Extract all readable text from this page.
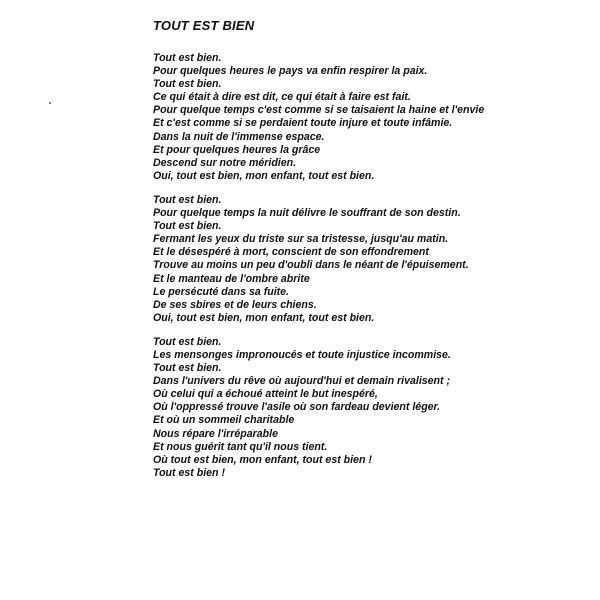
TOUT EST BIEN
Tout est bien.
Pour quelques heures le pays va enfin respirer la paix.
Tout est bien.
Ce qui était à dire est dit, ce qui était à faire est fait.
Pour quelque temps c'est comme si se taisaient la haine et l'envie
Et c'est comme si se perdaient toute injure et toute infâmie.
Dans la nuit de l'immense espace.
Et pour quelques heures la grâce
Descend sur notre méridien.
Oui, tout est bien, mon enfant, tout est bien.
Tout est bien.
Pour quelque temps la nuit délivre le souffrant de son destin.
Tout est bien.
Fermant les yeux du triste sur sa tristesse, jusqu'au matin.
Et le désespéré à mort, conscient de son effondrement
Trouve au moins un peu d'oubli dans le néant de l'épuisement.
Et le manteau de l'ombre abrite
Le persécuté dans sa fuite.
De ses sbires et de leurs chiens.
Oui, tout est bien, mon enfant, tout est bien.
Tout est bien.
Les mensonges impronoucés et toute injustice incommise.
Tout est bien.
Dans l'univers du rêve où aujourd'hui et demain rivalisent ;
Où celui qui a échoué atteint le but inespéré,
Où l'oppressé trouve l'asile où son fardeau devient léger.
Et où un sommeil charitable
Nous répare l'irréparable
Et nous guérit tant qu'il nous tient.
Où tout est bien, mon enfant, tout est bien !
Tout est bien !
